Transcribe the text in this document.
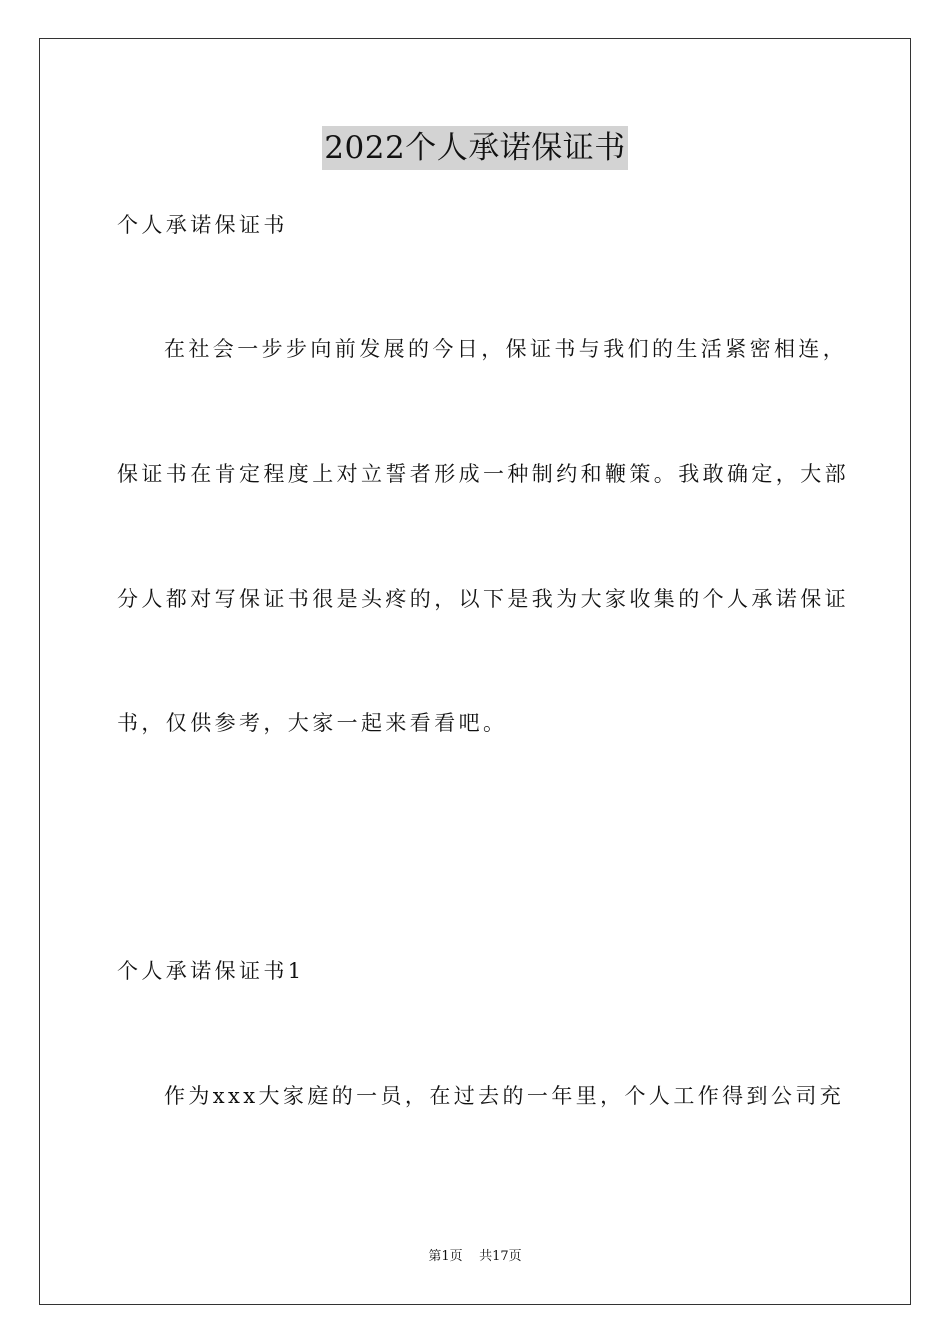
2022个人承诺保证书

个人承诺保证书

在社会一步步向前发展的今日，保证书与我们的生活紧密相连，

保证书在肯定程度上对立誓者形成一种制约和鞭策。我敢确定，大部

分人都对写保证书很是头疼的，以下是我为大家收集的个人承诺保证

书，仅供参考，大家一起来看看吧。

个人承诺保证书1

作为xxx大家庭的一员，在过去的一年里，个人工作得到公司充

第1页 共17页
